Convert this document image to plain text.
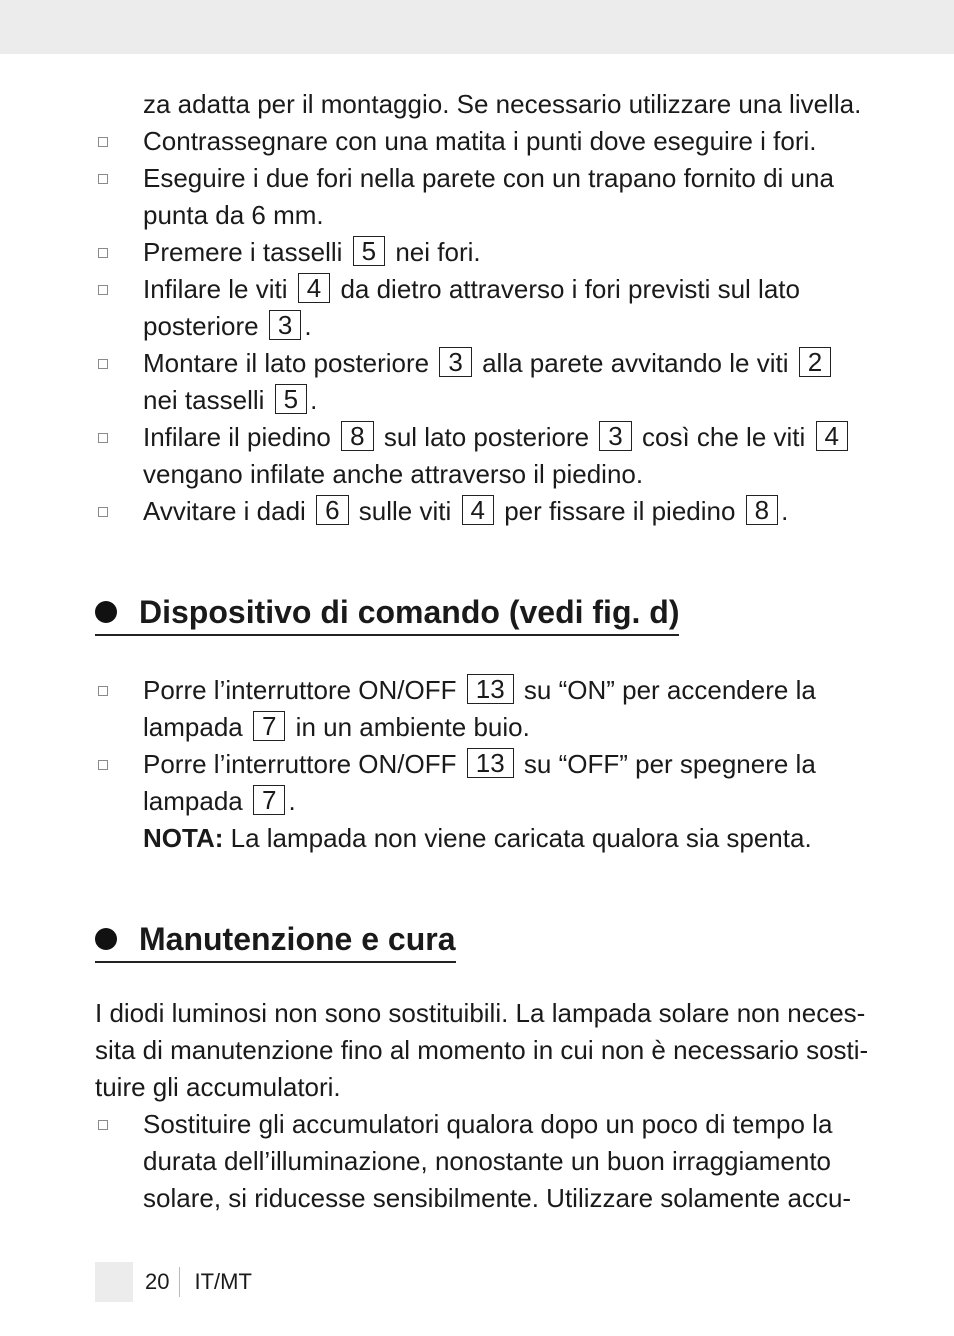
za adatta per il montaggio. Se necessario utilizzare una livella.
Contrassegnare con una matita i punti dove eseguire i fori.
Eseguire i due fori nella parete con un trapano fornito di una
punta da 6 mm.
Premere i tasselli 5 nei fori.
Infilare le viti 4 da dietro attraverso i fori previsti sul lato
posteriore 3 .
Montare il lato posteriore 3 alla parete avvitando le viti 2
nei tasselli 5 .
Infilare il piedino 8 sul lato posteriore 3 così che le viti 4
vengano infilate anche attraverso il piedino.
Avvitare i dadi 6 sulle viti 4 per fissare il piedino 8 .
Dispositivo di comando (vedi fig. d)
Porre l’interruttore ON/OFF 13 su “ON” per accendere la
lampada 7 in un ambiente buio.
Porre l’interruttore ON/OFF 13 su “OFF” per spegnere la
lampada 7 .
NOTA: La lampada non viene caricata qualora sia spenta.
Manutenzione e cura
I diodi luminosi non sono sostituibili. La lampada solare non neces-
sita di manutenzione fino al momento in cui non è necessario sosti-
tuire gli accumulatori.
Sostituire gli accumulatori qualora dopo un poco di tempo la
durata dell’illuminazione, nonostante un buon irraggiamento
solare, si riducesse sensibilmente. Utilizzare solamente accu-
20	IT/MT
